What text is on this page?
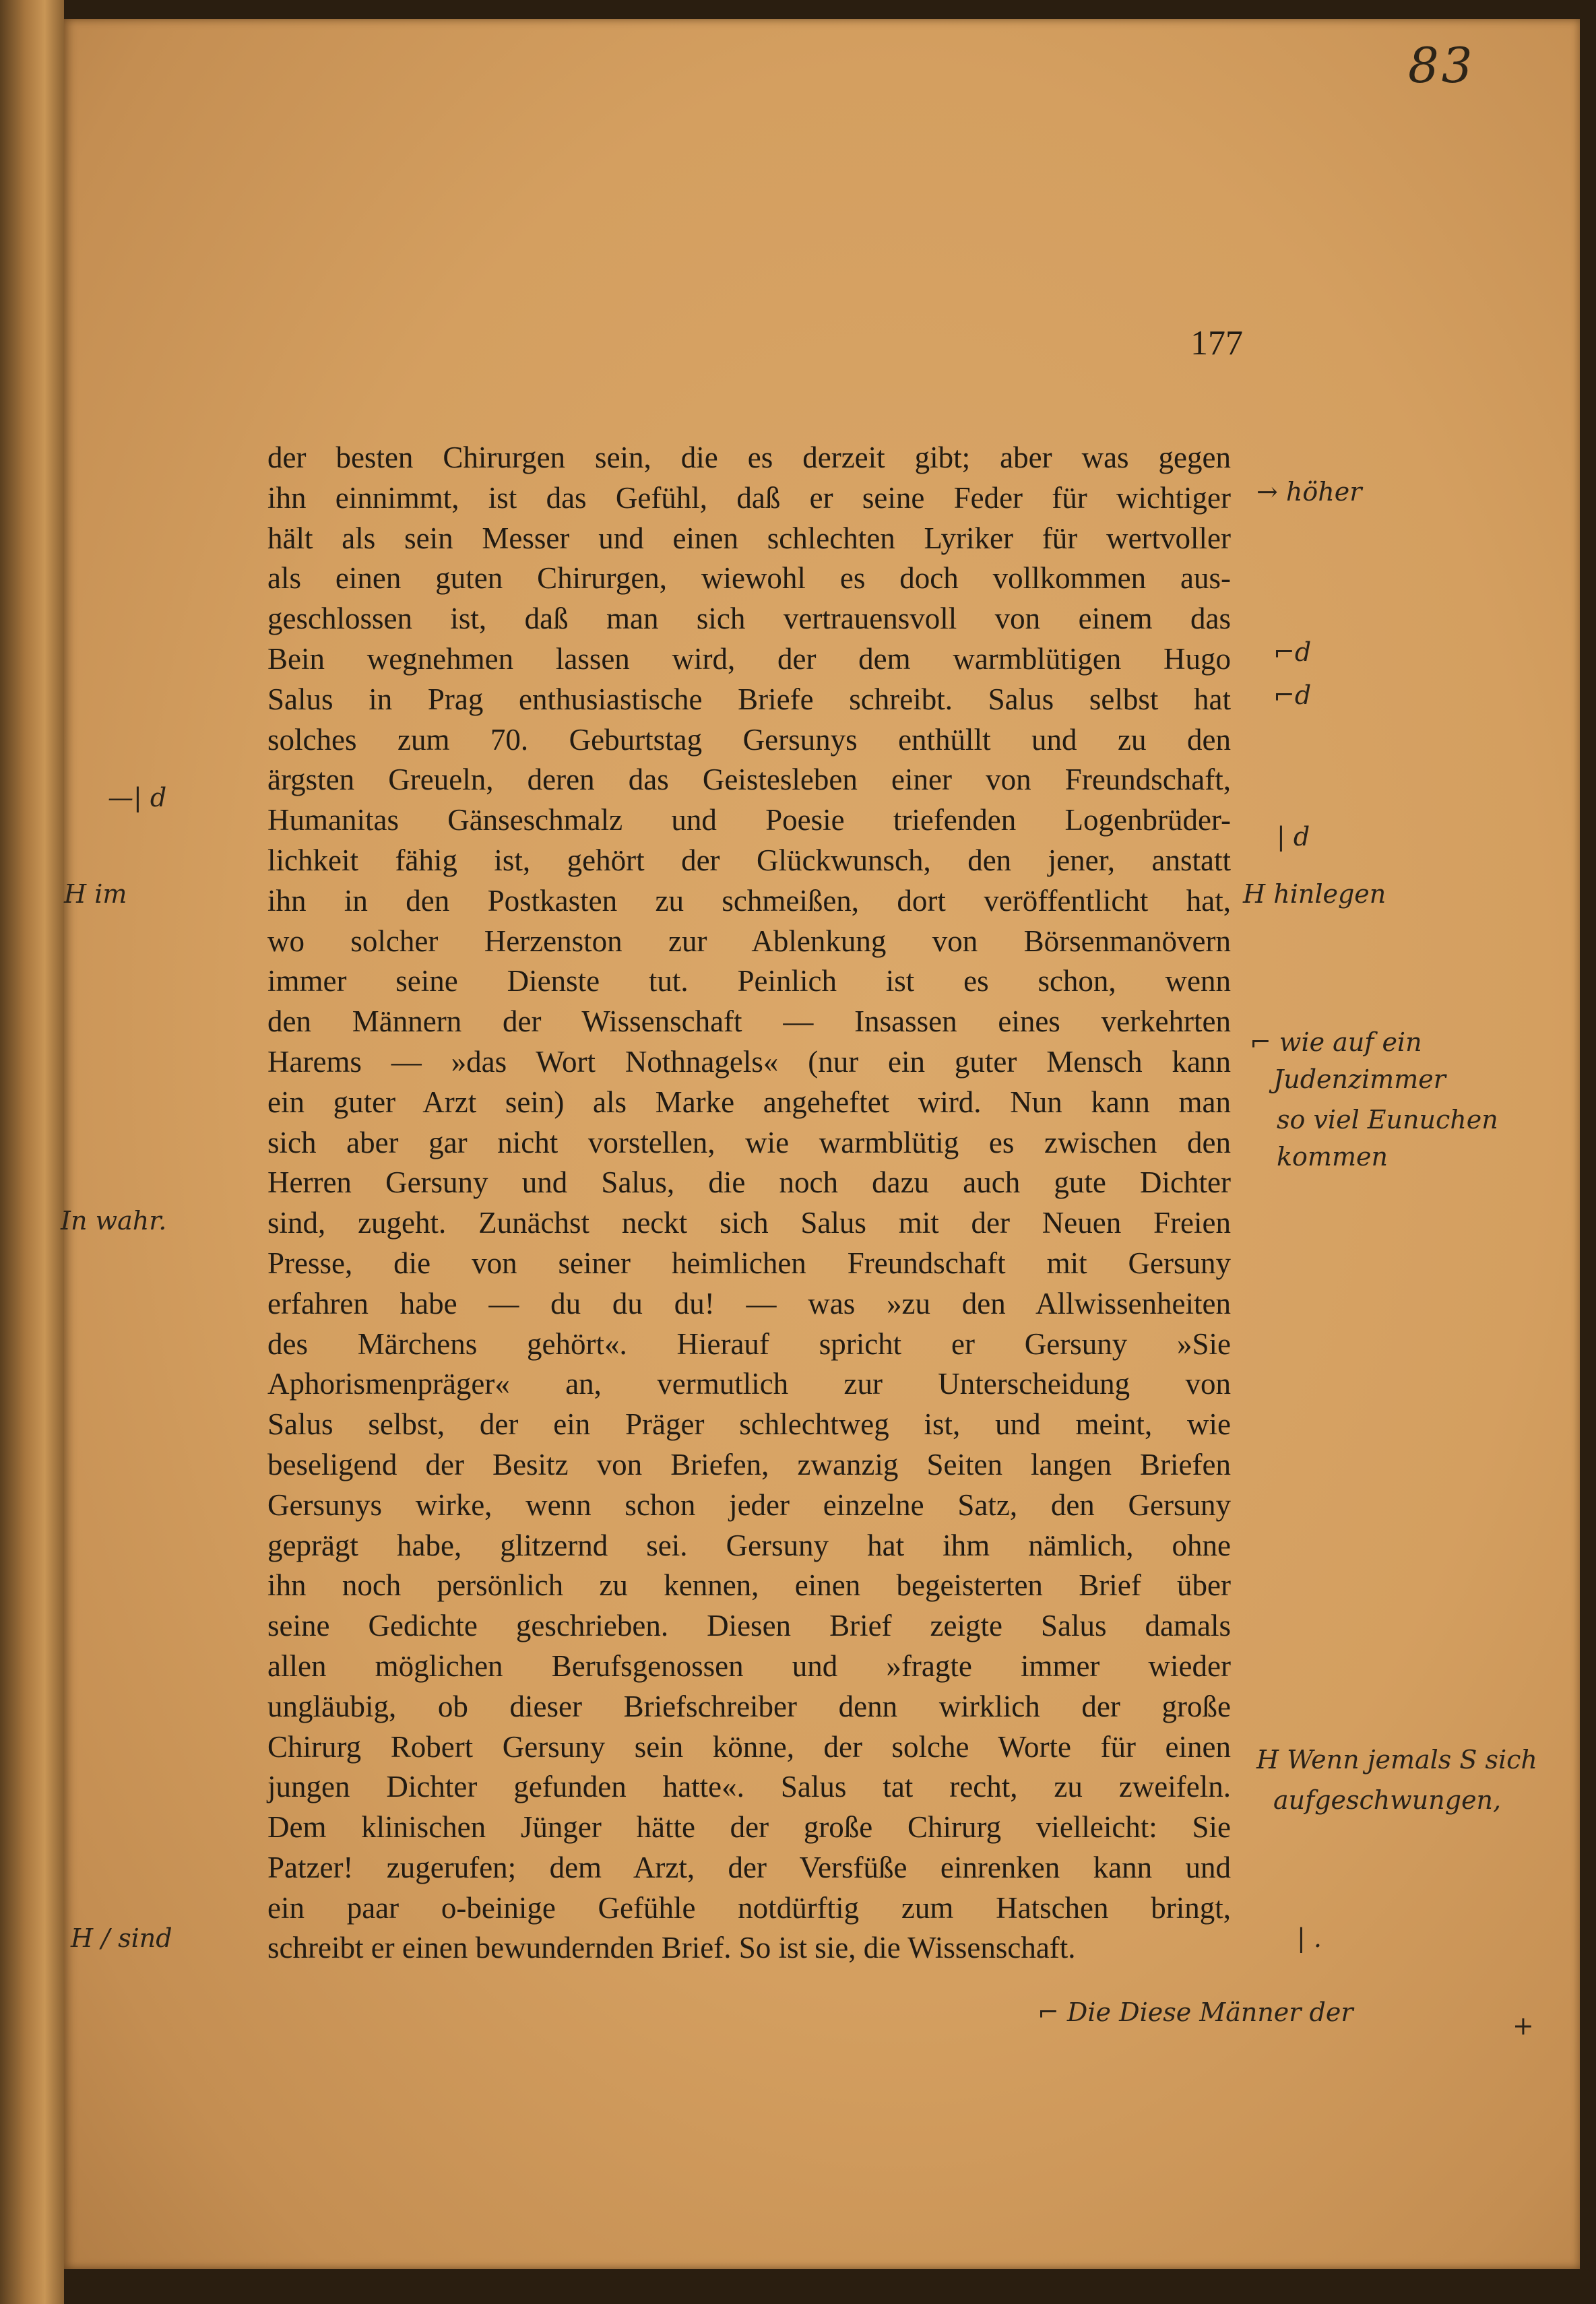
83
177
der besten Chirurgen sein, die es derzeit gibt; aber was gegen
ihn einnimmt, ist das Gefühl, daß er seine Feder für wichtiger
hält als sein Messer und einen schlechten Lyriker für wertvoller
als einen guten Chirurgen, wiewohl es doch vollkommen aus-
geschlossen ist, daß man sich vertrauensvoll von einem das
Bein wegnehmen lassen wird, der dem warmblütigen Hugo
Salus in Prag enthusiastische Briefe schreibt. Salus selbst hat
solches zum 70. Geburtstag Gersunys enthüllt und zu den
ärgsten Greueln, deren das Geistesleben einer von Freundschaft,
Humanitas Gänseschmalz und Poesie triefenden Logenbrüder-
lichkeit fähig ist, gehört der Glückwunsch, den jener, anstatt
ihn in den Postkasten zu schmeißen, dort veröffentlicht hat,
wo solcher Herzenston zur Ablenkung von Börsenmanövern
immer seine Dienste tut. Peinlich ist es schon, wenn
den Männern der Wissenschaft — Insassen eines verkehrten
Harems — »das Wort Nothnagels« (nur ein guter Mensch kann
ein guter Arzt sein) als Marke angeheftet wird. Nun kann man
sich aber gar nicht vorstellen, wie warmblütig es zwischen den
Herren Gersuny und Salus, die noch dazu auch gute Dichter
sind, zugeht. Zunächst neckt sich Salus mit der Neuen Freien
Presse, die von seiner heimlichen Freundschaft mit Gersuny
erfahren habe — du du du! — was »zu den Allwissenheiten
des Märchens gehört«. Hierauf spricht er Gersuny »Sie
Aphorismenpräger« an, vermutlich zur Unterscheidung von
Salus selbst, der ein Präger schlechtweg ist, und meint, wie
beseligend der Besitz von Briefen, zwanzig Seiten langen Briefen
Gersunys wirke, wenn schon jeder einzelne Satz, den Gersuny
geprägt habe, glitzernd sei. Gersuny hat ihm nämlich, ohne
ihn noch persönlich zu kennen, einen begeisterten Brief über
seine Gedichte geschrieben. Diesen Brief zeigte Salus damals
allen möglichen Berufsgenossen und »fragte immer wieder
ungläubig, ob dieser Briefschreiber denn wirklich der große
Chirurg Robert Gersuny sein könne, der solche Worte für einen
jungen Dichter gefunden hatte«. Salus tat recht, zu zweifeln.
Dem klinischen Jünger hätte der große Chirurg vielleicht: Sie
Patzer! zugerufen; dem Arzt, der Versfüße einrenken kann und
ein paar o-beinige Gefühle notdürftig zum Hatschen bringt,
schreibt er einen bewundernden Brief. So ist sie, die Wissenschaft.
→ höher
⌐d
⌐d
—| d
| d
H im	H hinlegen
⌐ wie auf ein
Judenzimmer
so viel Eunuchen
kommen
In wahr.
H Wenn jemals S sich
aufgeschwungen,
H / sind	| .
⌐ Die Diese Männer der	+
